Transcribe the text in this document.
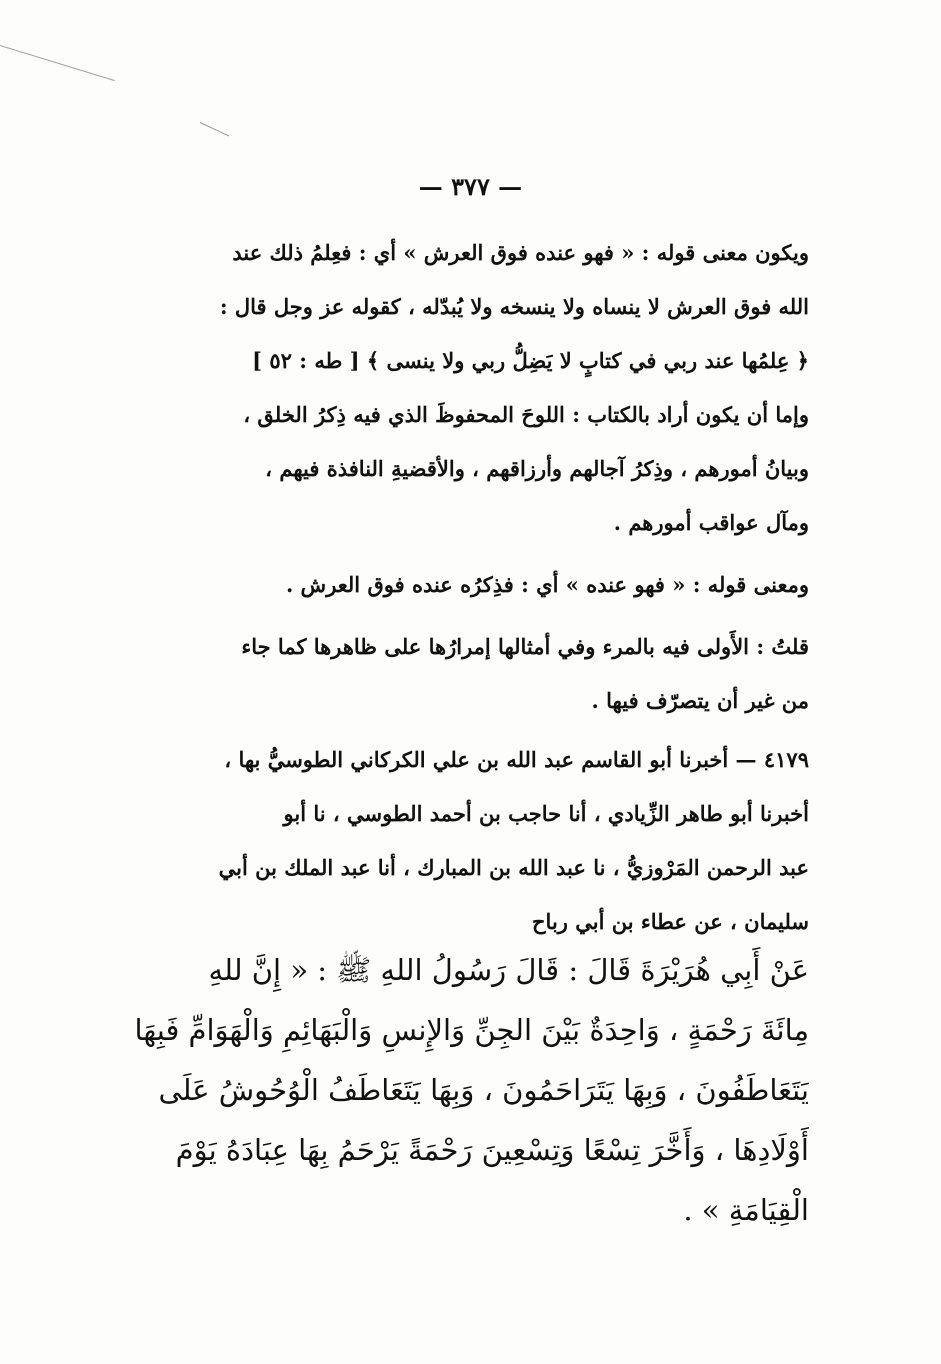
— ٣٧٧ —
ويكون معنى قوله : « فهو عنده فوق العرش » أي : فعِلمُ ذلك عند
الله فوق العرش لا ينساه ولا ينسخه ولا يُبدّله ، كقوله عز وجل قال :
﴿ عِلمُها عند ربي في كتابٍ لا يَضِلُّ ربي ولا ينسى ﴾ [ طه : ٥٢ ]
وإما أن يكون أراد بالكتاب : اللوحَ المحفوظَ الذي فيه ذِكرُ الخلق ،
وبيانُ أمورهم ، وذِكرُ آجالهم وأرزاقهم ، والأقضيةِ النافذة فيهم ،
ومآل عواقب أمورهم .
ومعنى قوله : « فهو عنده » أي : فذِكرُه عنده فوق العرش .
قلتُ : الأَولى فيه بالمرء وفي أمثالها إمرارُها على ظاهرها كما جاء
من غير أن يتصرّف فيها .
٤١٧٩ — أخبرنا أبو القاسم عبد الله بن علي الكركاني الطوسيُّ بها ،
أخبرنا أبو طاهر الزِّيادي ، أنا حاجب بن أحمد الطوسي ، نا أبو
عبد الرحمن المَرْوزيُّ ، نا عبد الله بن المبارك ، أنا عبد الملك بن أبي
سليمان ، عن عطاء بن أبي رباح
عَنْ أَبِي هُرَيْرَةَ قَالَ : قَالَ رَسُولُ اللهِ ﷺ : « إِنَّ للهِ
مِائَةَ رَحْمَةٍ ، وَاحِدَةٌ بَيْنَ الجِنِّ وَالإِنسِ وَالْبَهَائِمِ وَالْهَوَامِّ فَبِهَا
يَتَعَاطَفُونَ ، وَبِهَا يَتَرَاحَمُونَ ، وَبِهَا يَتَعَاطَفُ الْوُحُوشُ عَلَى
أَوْلَادِهَا ، وَأَخَّرَ تِسْعًا وَتِسْعِينَ رَحْمَةً يَرْحَمُ بِهَا عِبَادَهُ يَوْمَ
الْقِيَامَةِ » .
